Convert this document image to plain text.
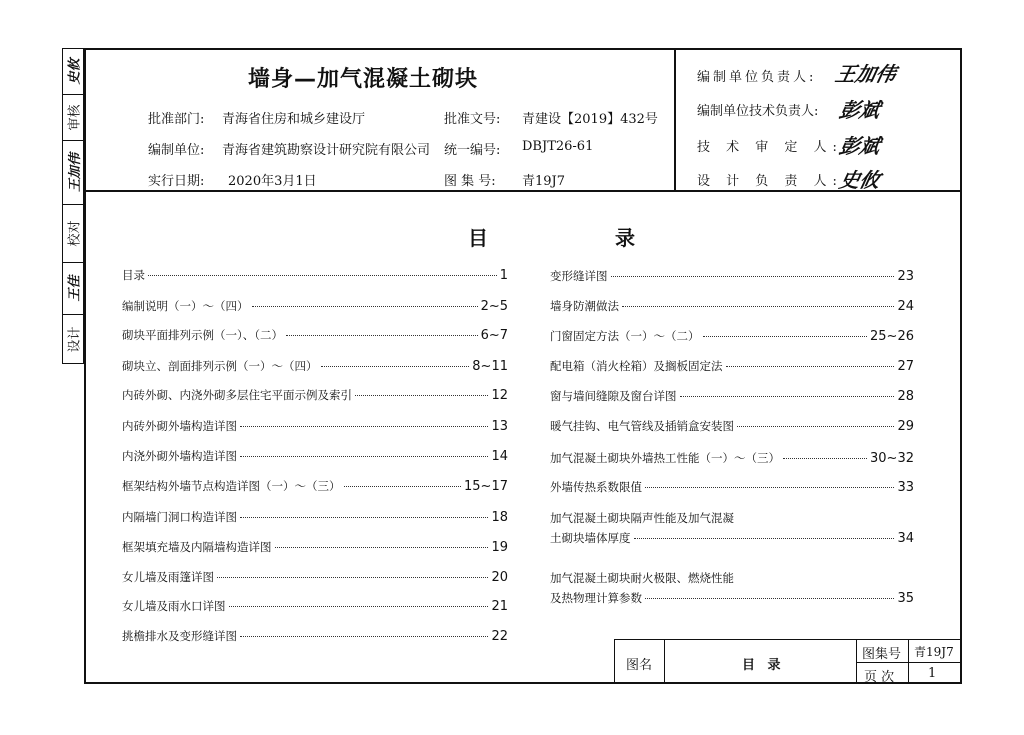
史攸
审核
王加伟
校对
王佳
设计
墙身—加气混凝土砌块
批准部门: 青海省住房和城乡建设厅	批准文号: 青建设【2019】432号
编制单位: 青海省建筑勘察设计研究院有限公司 统一编号: DBJT26-61
实行日期: 2020年3月1日	图 集 号: 青19J7
编制单位负责人: 王加伟
编制单位技术负责人: 彭斌
技 术 审 定 人:
彭斌
设 计 负 责 人:
史攸
目 录
目录	1
编制说明（一）～（四）	2~5
砌块平面排列示例（一）、（二）	6~7
砌块立、剖面排列示例（一）～（四）	8~11
内砖外砌、内浇外砌多层住宅平面示例及索引	12
内砖外砌外墙构造详图	13
内浇外砌外墙构造详图	14
框架结构外墙节点构造详图（一）～（三）	15~17
内隔墙门洞口构造详图	18
框架填充墙及内隔墙构造详图	19
女儿墙及雨篷详图	20
女儿墙及雨水口详图	21
挑檐排水及变形缝详图	22
变形缝详图	23
墙身防潮做法	24
门窗固定方法（一）～（二）	25~26
配电箱（消火栓箱）及搁板固定法	27
窗与墙间缝隙及窗台详图	28
暖气挂钩、电气管线及插销盒安装图	29
加气混凝土砌块外墙热工性能（一）～（三）	30~32
外墙传热系数限值	33
加气混凝土砌块隔声性能及加气混凝
土砌块墙体厚度	34
加气混凝土砌块耐火极限、燃烧性能
及热物理计算参数	35
图名	目 录
图集号 青19J7
页 次	1
